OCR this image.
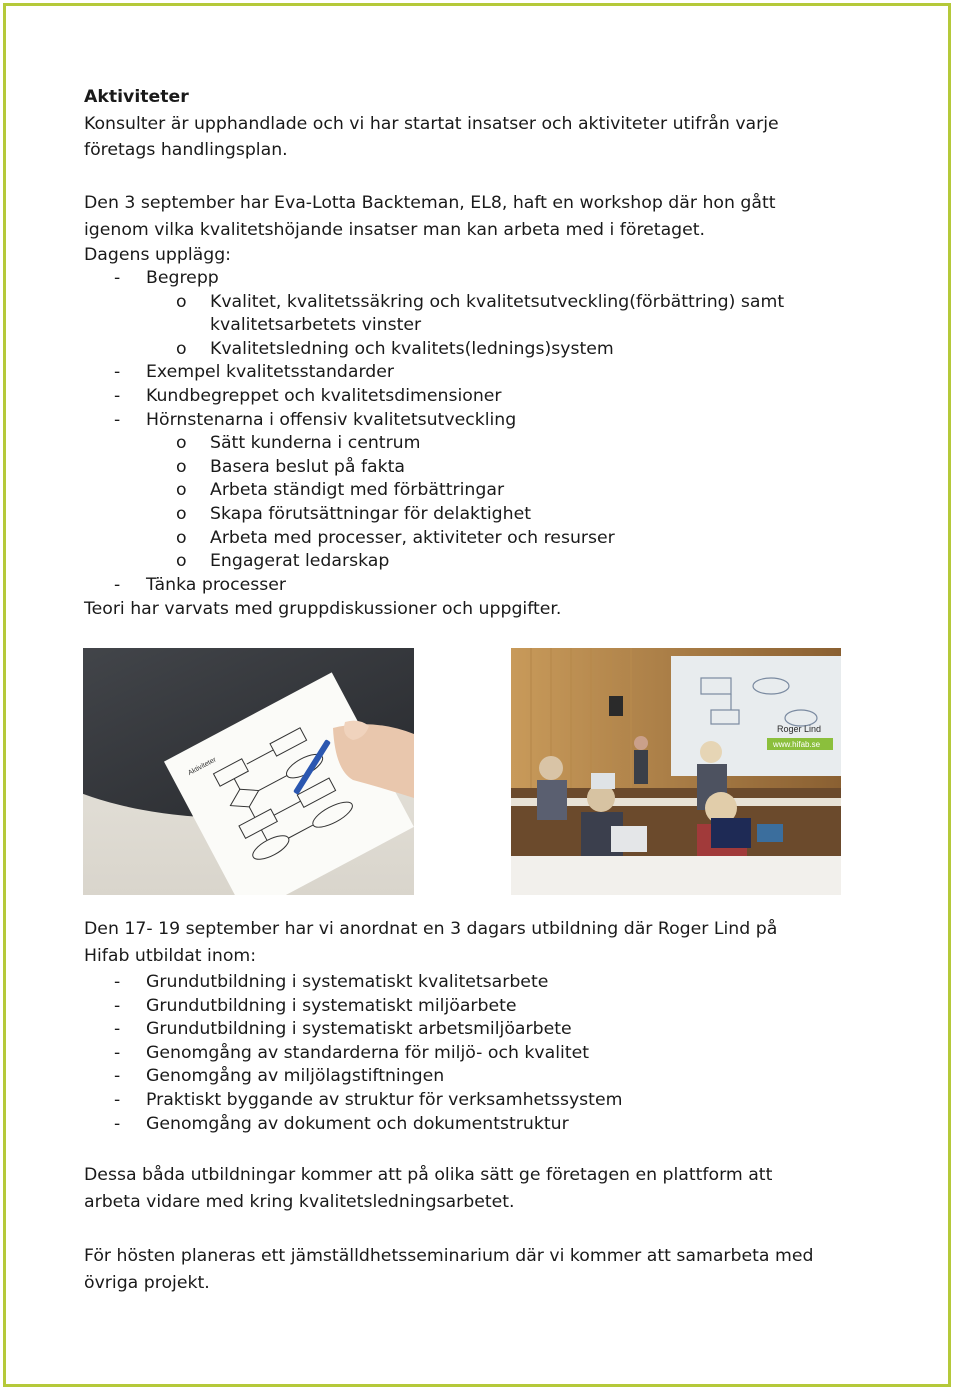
Aktiviteter

Konsulter är upphandlade och vi har startat insatser och aktiviteter utifrån varje

företags handlingsplan.

Den 3 september har Eva-Lotta Backteman, EL8, haft en workshop där hon gått

igenom vilka kvalitetshöjande insatser man kan arbeta med i företaget.

Dagens upplägg:
- Begrepp
o Kvalitet, kvalitetssäkring och kvalitetsutveckling(förbättring) samt
kvalitetsarbetets vinster
o Kvalitetsledning och kvalitets(lednings)system
- Exempel kvalitetsstandarder
- Kundbegreppet och kvalitetsdimensioner
- Hörnstenarna i offensiv kvalitetsutveckling
o Sätt kunderna i centrum
o Basera beslut på fakta
o Arbeta ständigt med förbättringar
o Skapa förutsättningar för delaktighet
o Arbeta med processer, aktiviteter och resurser
o Engagerat ledarskap
- Tänka processer
Teori har varvats med gruppdiskussioner och uppgifter.
Aktiviteter
Roger Lind
www.hifab.se

Den 17- 19 september har vi anordnat en 3 dagars utbildning där Roger Lind på

Hifab utbildat inom:

- Grundutbildning i systematiskt kvalitetsarbete
- Grundutbildning i systematiskt miljöarbete
- Grundutbildning i systematiskt arbetsmiljöarbete
- Genomgång av standarderna för miljö- och kvalitet
- Genomgång av miljölagstiftningen
- Praktiskt byggande av struktur för verksamhetssystem
- Genomgång av dokument och dokumentstruktur

Dessa båda utbildningar kommer att på olika sätt ge företagen en plattform att

arbeta vidare med kring kvalitetsledningsarbetet.

För hösten planeras ett jämställdhetsseminarium där vi kommer att samarbeta med

övriga projekt.
